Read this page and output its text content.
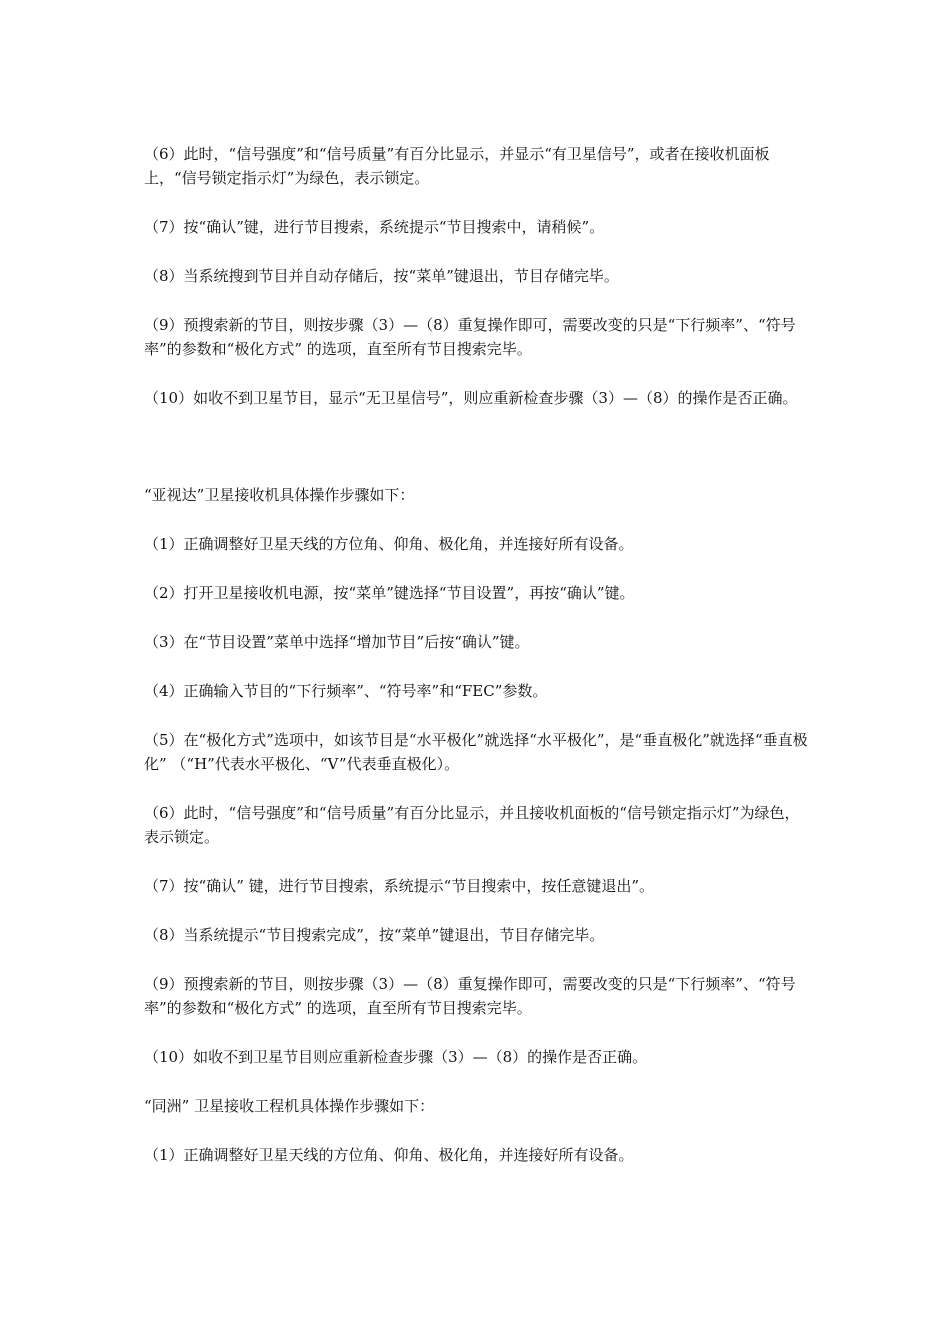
（6）此时，“信号强度”和“信号质量”有百分比显示，并显示“有卫星信号”，或者在接收机面板上，“信号锁定指示灯”为绿色，表示锁定。

（7）按“确认”键，进行节目搜索，系统提示“节目搜索中，请稍候”。

（8）当系统搜到节目并自动存储后，按“菜单”键退出，节目存储完毕。

（9）预搜索新的节目，则按步骤（3）—（8）重复操作即可，需要改变的只是“下行频率”、“符号率”的参数和“极化方式” 的选项，直至所有节目搜索完毕。

（10）如收不到卫星节目，显示“无卫星信号”，则应重新检查步骤（3）—（8）的操作是否正确。

“亚视达”卫星接收机具体操作步骤如下：

（1）正确调整好卫星天线的方位角、仰角、极化角，并连接好所有设备。

（2）打开卫星接收机电源，按“菜单”键选择“节目设置”，再按“确认”键。

（3）在“节目设置”菜单中选择“增加节目”后按“确认”键。

（4）正确输入节目的“下行频率”、“符号率”和“FEC”参数。

（5）在“极化方式”选项中，如该节目是“水平极化”就选择“水平极化”，是“垂直极化”就选择“垂直极化” （“H”代表水平极化、“V”代表垂直极化）。

（6）此时，“信号强度”和“信号质量”有百分比显示，并且接收机面板的“信号锁定指示灯”为绿色，表示锁定。

（7）按“确认” 键，进行节目搜索，系统提示“节目搜索中，按任意键退出”。

（8）当系统提示“节目搜索完成”，按“菜单”键退出，节目存储完毕。

（9）预搜索新的节目，则按步骤（3）—（8）重复操作即可，需要改变的只是“下行频率”、“符号率”的参数和“极化方式” 的选项，直至所有节目搜索完毕。

（10）如收不到卫星节目则应重新检查步骤（3）—（8）的操作是否正确。

“同洲” 卫星接收工程机具体操作步骤如下：

（1）正确调整好卫星天线的方位角、仰角、极化角，并连接好所有设备。
